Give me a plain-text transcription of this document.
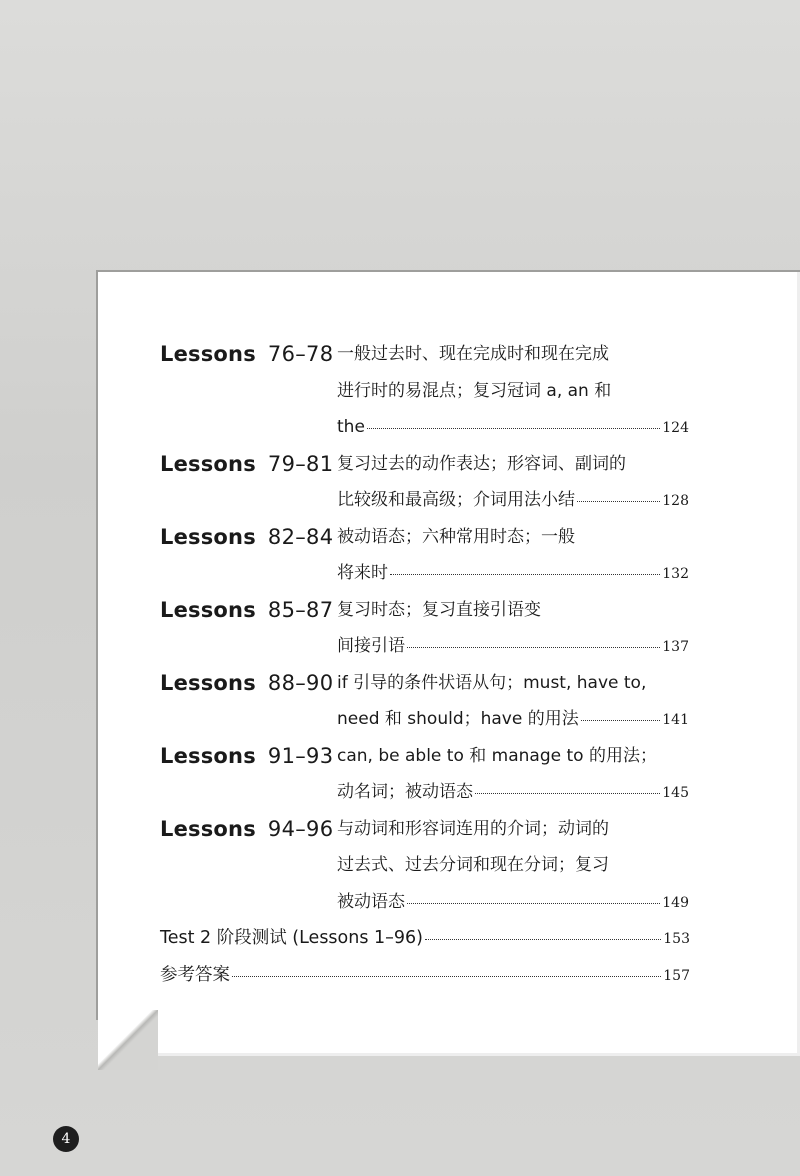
Lessons 76–78 一般过去时、现在完成时和现在完成
进行时的易混点；复习冠词 a, an 和
the	124
Lessons 79–81 复习过去的动作表达；形容词、副词的
比较级和最高级；介词用法小结	128
Lessons 82–84 被动语态；六种常用时态；一般
将来时	132
Lessons 85–87 复习时态；复习直接引语变
间接引语	137
Lessons 88–90 if 引导的条件状语从句；must, have to,
need 和 should；have 的用法	141
Lessons 91–93 can, be able to 和 manage to 的用法；
动名词；被动语态	145
Lessons 94–96 与动词和形容词连用的介词；动词的
过去式、过去分词和现在分词；复习
被动语态	149
Test 2 阶段测试 (Lessons 1–96)	153
参考答案	157
4
